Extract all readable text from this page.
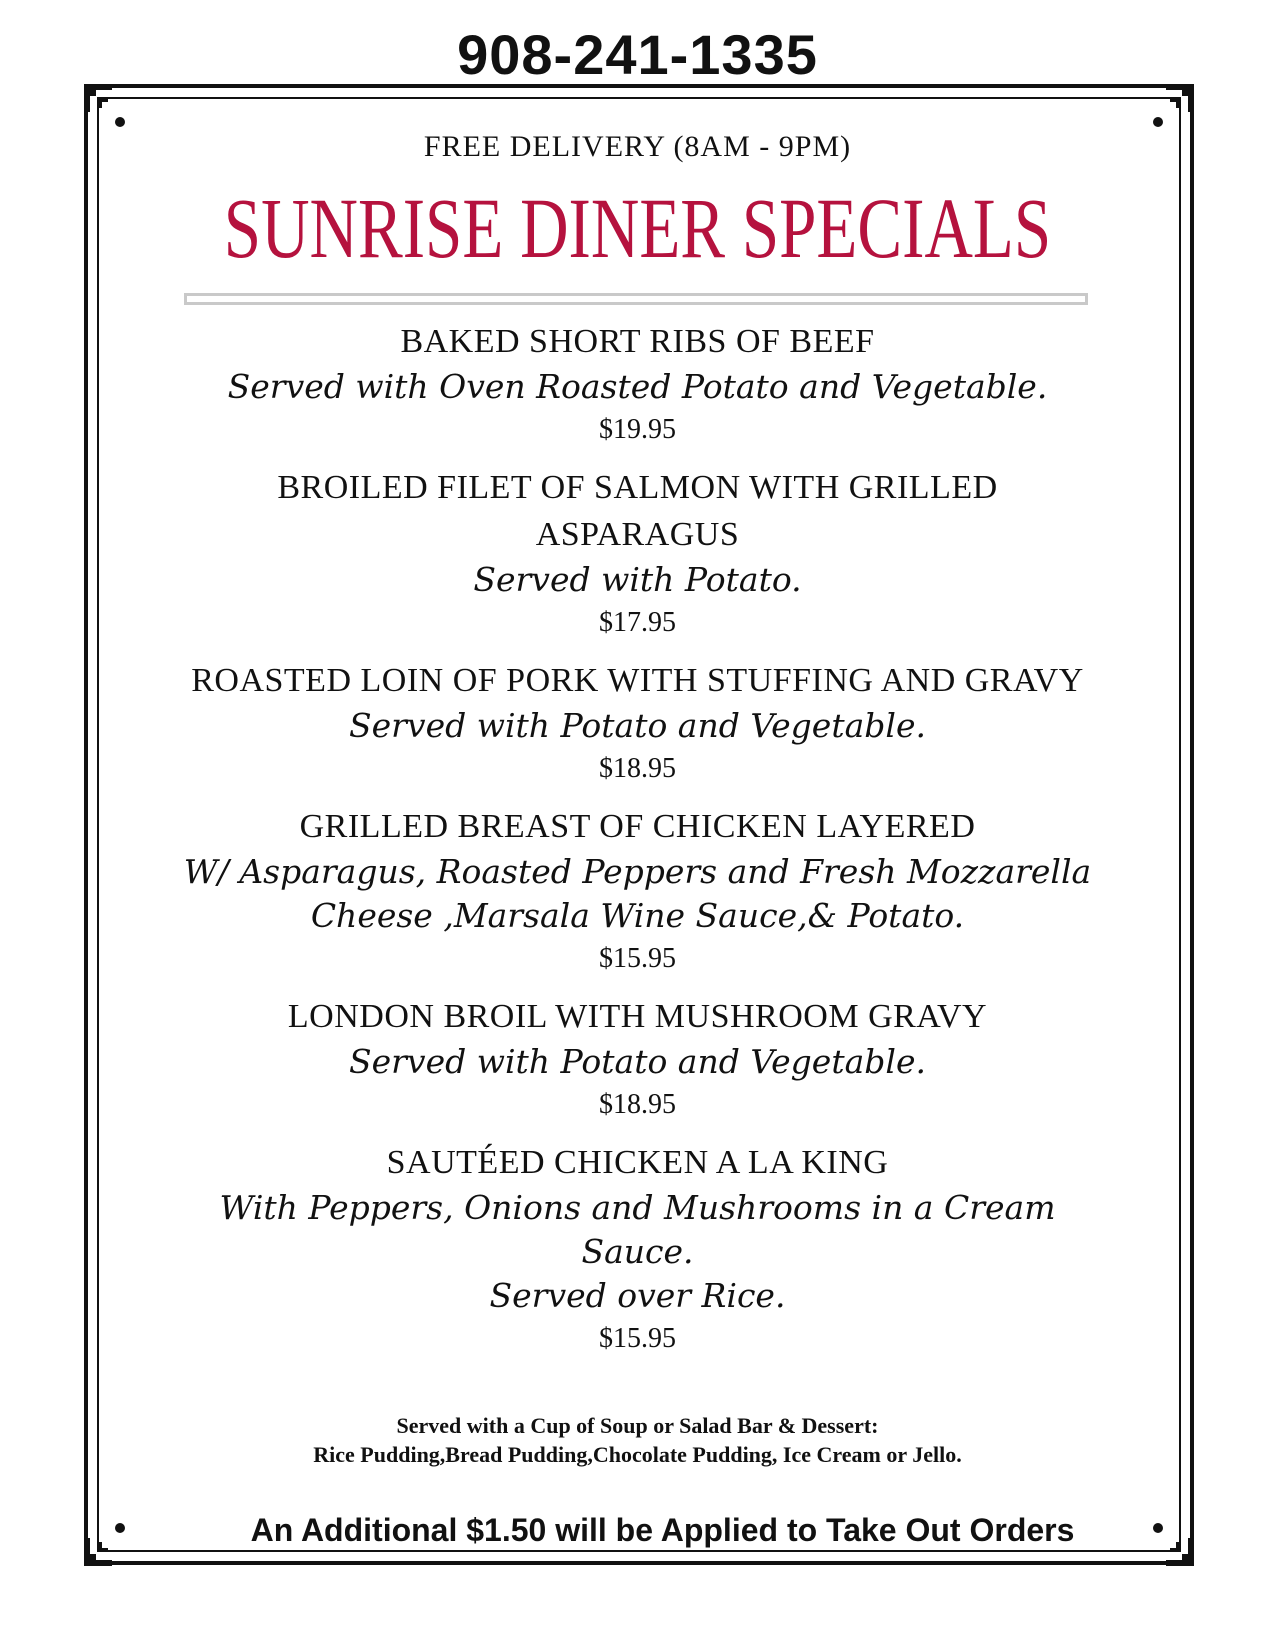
908-241-1335
FREE DELIVERY (8AM - 9PM)
SUNRISE DINER SPECIALS
BAKED SHORT RIBS OF BEEF
Served with Oven Roasted Potato and Vegetable.
$19.95
BROILED FILET OF SALMON WITH GRILLED ASPARAGUS
Served with Potato.
$17.95
ROASTED LOIN OF PORK WITH STUFFING AND GRAVY
Served with Potato and Vegetable.
$18.95
GRILLED BREAST OF CHICKEN LAYERED
W/ Asparagus, Roasted Peppers and Fresh Mozzarella
Cheese ,Marsala Wine Sauce,& Potato.
$15.95
LONDON BROIL WITH MUSHROOM GRAVY
Served with Potato and Vegetable.
$18.95
SAUTÉED CHICKEN A LA KING
With Peppers, Onions and Mushrooms in a Cream Sauce.
Served over Rice.
$15.95
Served with a Cup of Soup or Salad Bar & Dessert:
Rice Pudding,Bread Pudding,Chocolate Pudding, Ice Cream or Jello.
An Additional $1.50 will be Applied to Take Out Orders
